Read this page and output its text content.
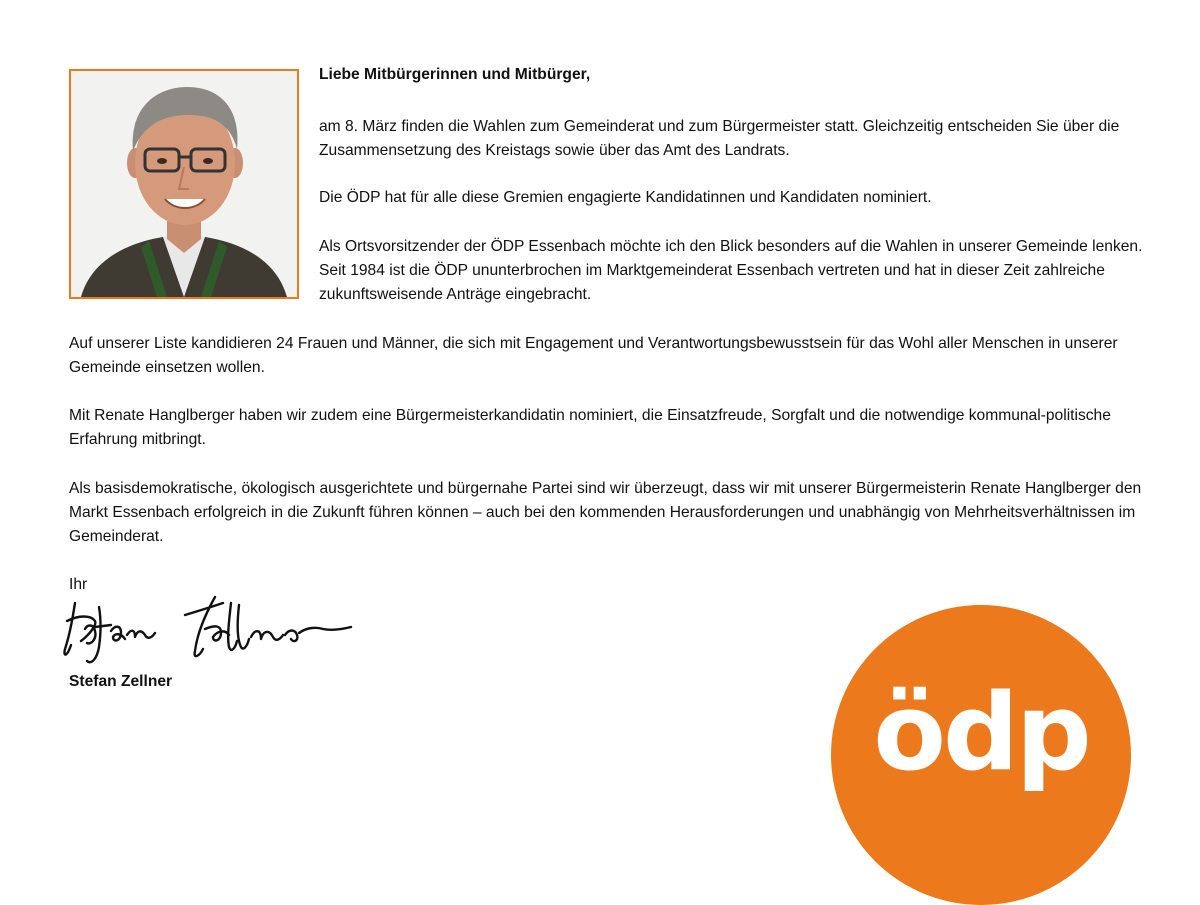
Liebe Mitbürgerinnen und Mitbürger,

am 8. März finden die Wahlen zum Gemeinderat und zum Bürgermeister statt. Gleichzeitig entscheiden Sie über die Zusammensetzung des Kreistags sowie über das Amt des Landrats.

Die ÖDP hat für alle diese Gremien engagierte Kandidatinnen und Kandidaten nominiert.

Als Ortsvorsitzender der ÖDP Essenbach möchte ich den Blick besonders auf die Wahlen in unserer Gemeinde lenken. Seit 1984 ist die ÖDP ununterbrochen im Marktgemeinderat Essenbach vertreten und hat in dieser Zeit zahlreiche zukunftsweisende Anträge eingebracht.

Auf unserer Liste kandidieren 24 Frauen und Männer, die sich mit Engagement und Verantwortungsbewusstsein für das Wohl aller Menschen in unserer Gemeinde einsetzen wollen.

Mit Renate Hanglberger haben wir zudem eine Bürgermeisterkandidatin nominiert, die Einsatzfreude, Sorgfalt und die notwendige kommunal-politische Erfahrung mitbringt.

Als basisdemokratische, ökologisch ausgerichtete und bürgernahe Partei sind wir überzeugt, dass wir mit unserer Bürgermeisterin Renate Hanglberger den Markt Essenbach erfolgreich in die Zukunft führen können – auch bei den kommenden Herausforderungen und unabhängig von Mehrheitsverhältnissen im Gemeinderat.

Ihr

Stefan Zellner	ödp
